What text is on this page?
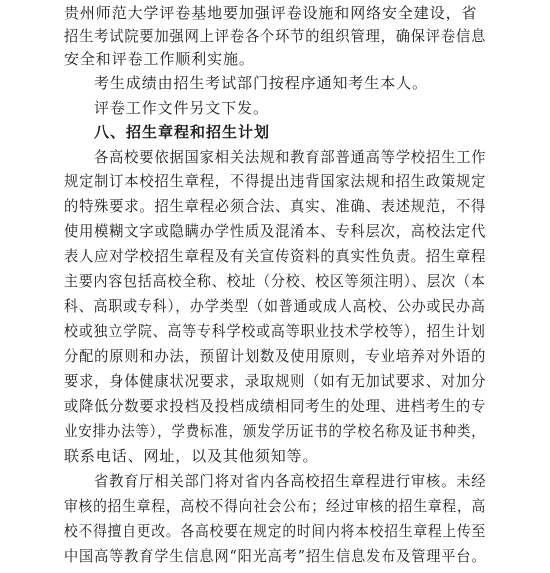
贵州师范大学评卷基地要加强评卷设施和网络安全建设，省
招生考试院要加强网上评卷各个环节的组织管理，确保评卷信息
安全和评卷工作顺利实施。
考生成绩由招生考试部门按程序通知考生本人。
评卷工作文件另文下发。
八、招生章程和招生计划
各高校要依据国家相关法规和教育部普通高等学校招生工作
规定制订本校招生章程，不得提出违背国家法规和招生政策规定
的特殊要求。招生章程必须合法、真实、准确、表述规范，不得
使用模糊文字或隐瞒办学性质及混淆本、专科层次，高校法定代
表人应对学校招生章程及有关宣传资料的真实性负责。招生章程
主要内容包括高校全称、校址（分校、校区等须注明）、层次（本
科、高职或专科），办学类型（如普通或成人高校、公办或民办高
校或独立学院、高等专科学校或高等职业技术学校等），招生计划
分配的原则和办法，预留计划数及使用原则，专业培养对外语的
要求，身体健康状况要求，录取规则（如有无加试要求、对加分
或降低分数要求投档及投档成绩相同考生的处理、进档考生的专
业安排办法等），学费标准，颁发学历证书的学校名称及证书种类，
联系电话、网址，以及其他须知等。
省教育厅相关部门将对省内各高校招生章程进行审核。未经
审核的招生章程，高校不得向社会公布；经过审核的招生章程，高
校不得擅自更改。各高校要在规定的时间内将本校招生章程上传至
中国高等教育学生信息网“阳光高考”招生信息发布及管理平台。
